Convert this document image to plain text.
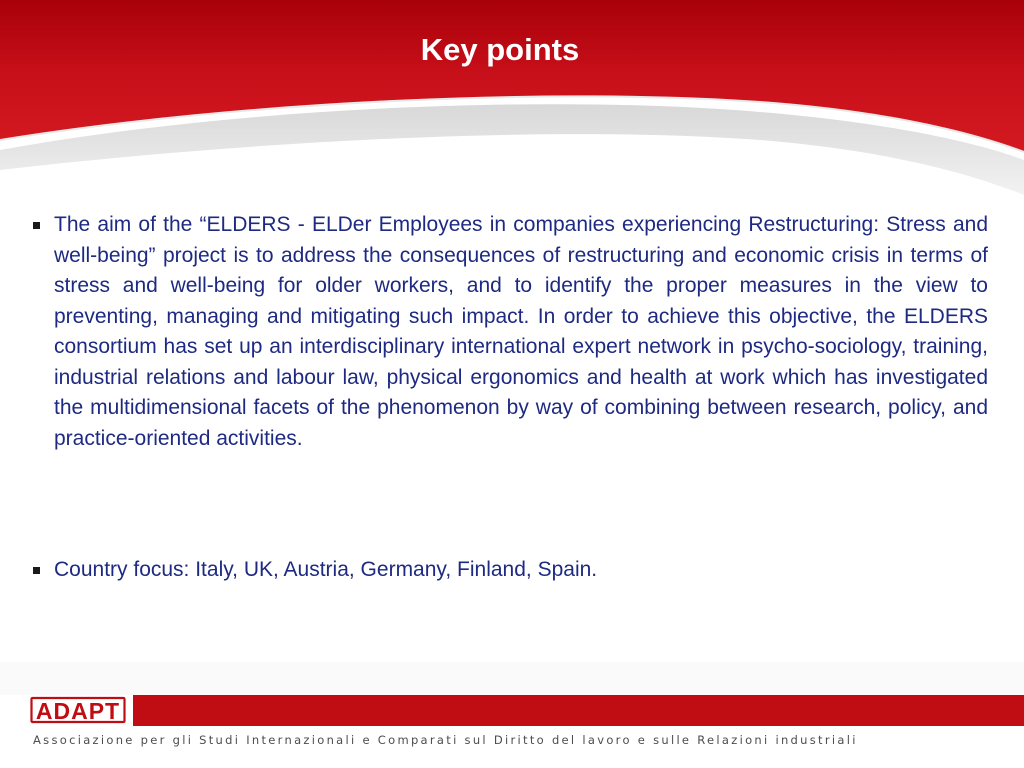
Key points
The aim of the “ELDERS - ELDer Employees in companies experiencing Restructuring: Stress and well-being” project is to address the consequences of restructuring and economic crisis in terms of stress and well-being for older workers, and to identify the proper measures in the view to preventing, managing and mitigating such impact. In order to achieve this objective, the ELDERS consortium has set up an interdisciplinary international expert network in psycho-sociology, training, industrial relations and labour law, physical ergonomics and health at work which has investigated the multidimensional facets of the phenomenon by way of combining between research, policy, and practice-oriented activities.
Country focus: Italy, UK, Austria, Germany, Finland, Spain.
ADAPT
Associazione per gli Studi Internazionali e Comparati sul Diritto del lavoro e sulle Relazioni industriali
